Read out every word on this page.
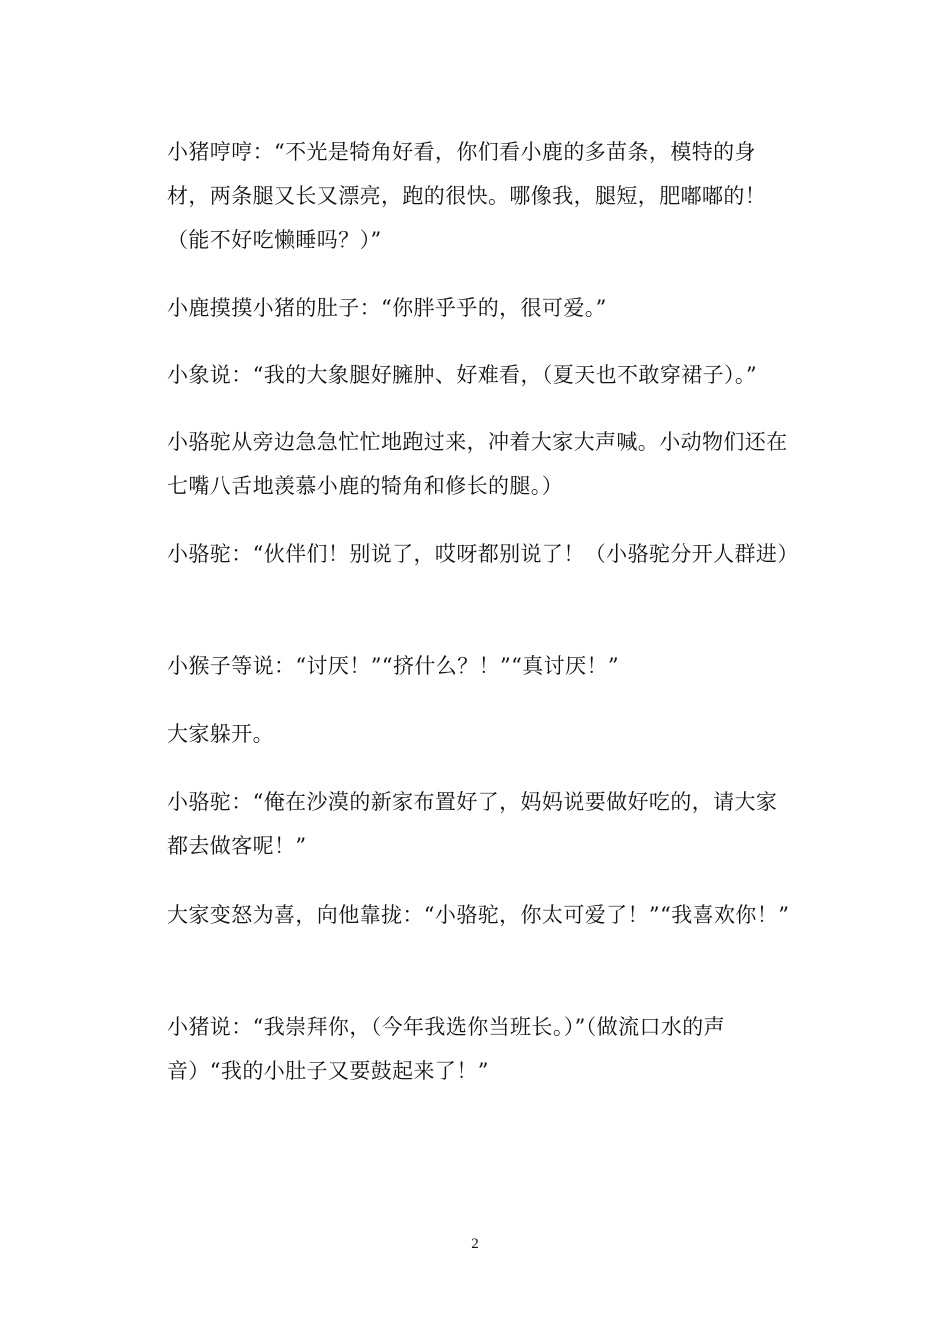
小猪哼哼：“不光是犄角好看，你们看小鹿的多苗条，模特的身材，两条腿又长又漂亮，跑的很快。哪像我，腿短，肥嘟嘟的！（能不好吃懒睡吗？）”

小鹿摸摸小猪的肚子：“你胖乎乎的，很可爱。”

小象说：“我的大象腿好臃肿、好难看，（夏天也不敢穿裙子）。”

小骆驼从旁边急急忙忙地跑过来，冲着大家大声喊。小动物们还在七嘴八舌地羡慕小鹿的犄角和修长的腿。）

小骆驼：“伙伴们！别说了，哎呀都别说了！（小骆驼分开人群进）

小猴子等说：“讨厌！”“挤什么？！”“真讨厌！”

大家躲开。

小骆驼：“俺在沙漠的新家布置好了，妈妈说要做好吃的，请大家都去做客呢！”

大家变怒为喜，向他靠拢：“小骆驼，你太可爱了！”“我喜欢你！”

小猪说：“我崇拜你，（今年我选你当班长。）”（做流口水的声音）“我的小肚子又要鼓起来了！”

2
